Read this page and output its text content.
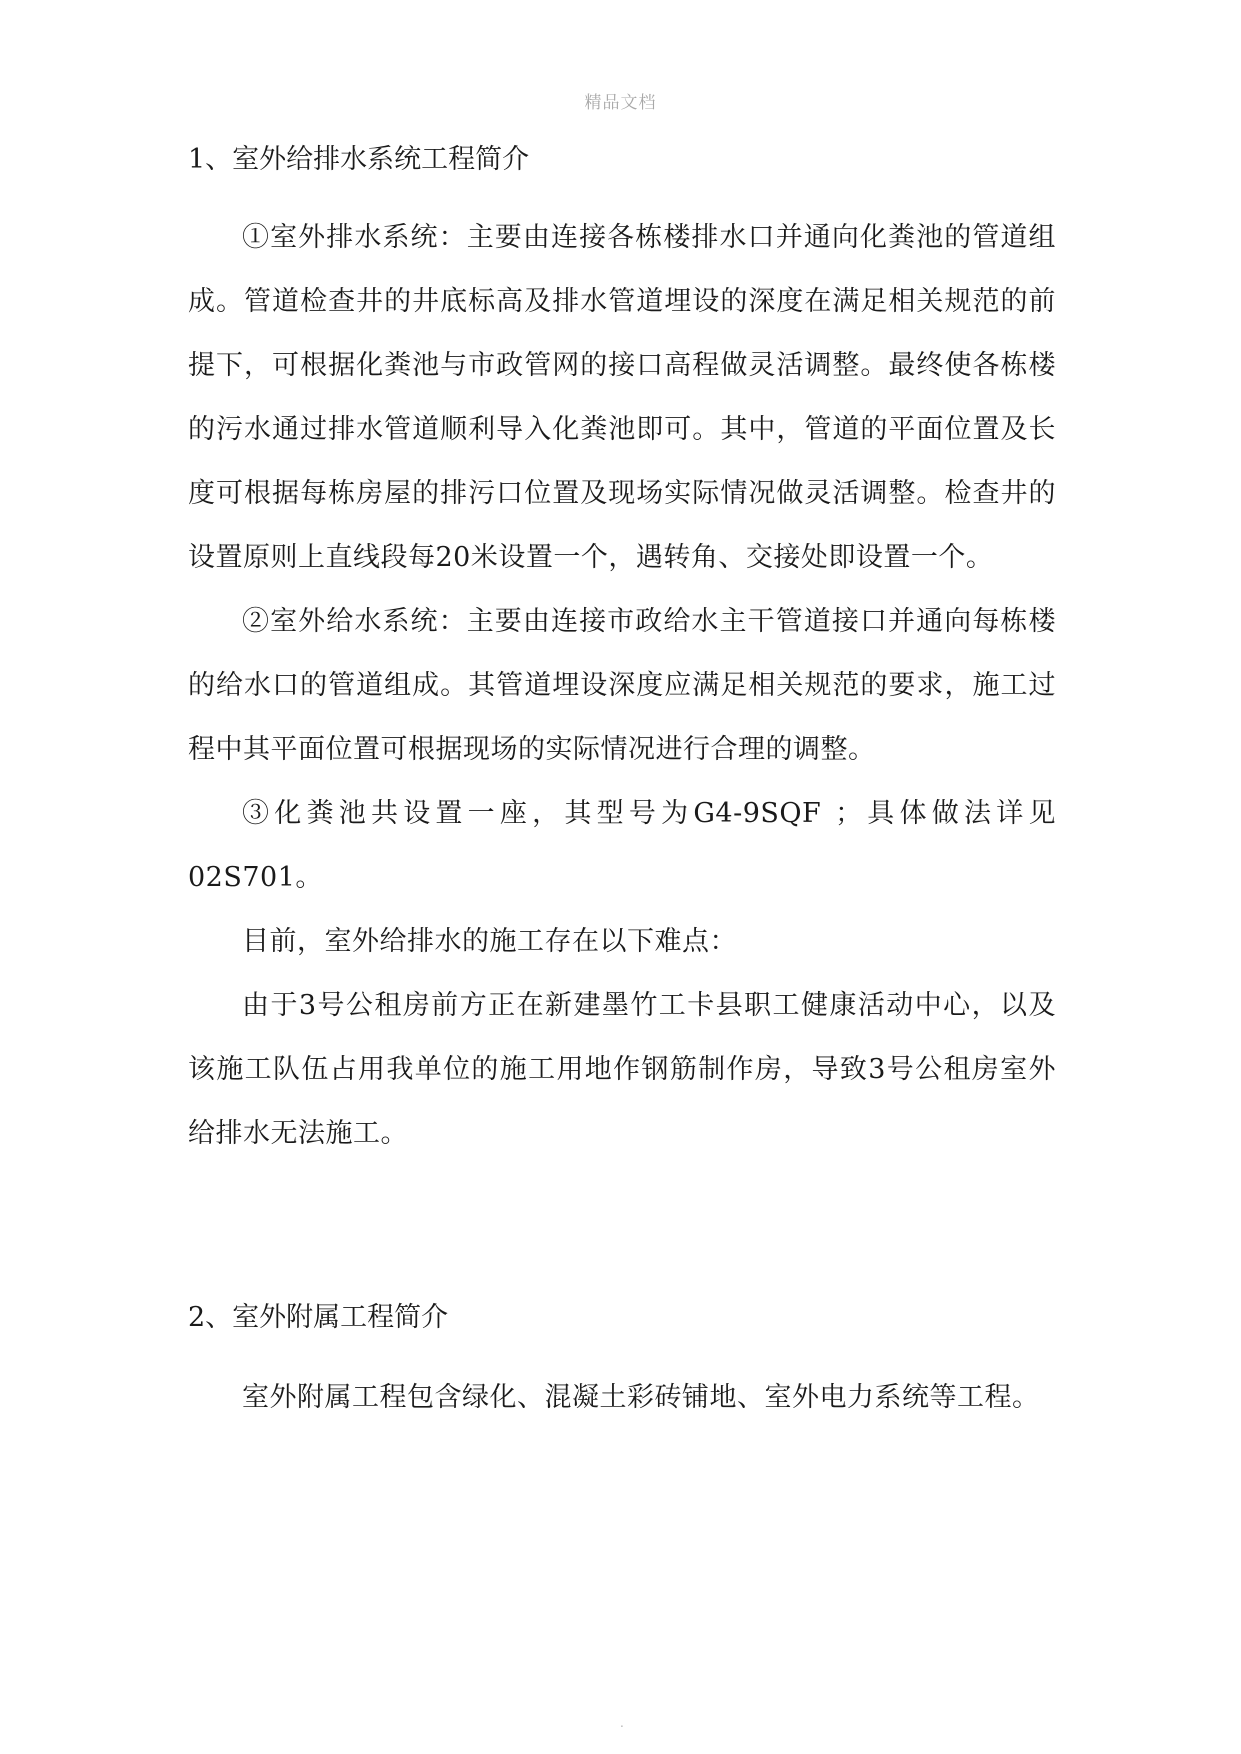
精品文档
1、室外给排水系统工程简介

①室外排水系统：主要由连接各栋楼排水口并通向化粪池的管道组成。管道检查井的井底标高及排水管道埋设的深度在满足相关规范的前提下，可根据化粪池与市政管网的接口高程做灵活调整。最终使各栋楼的污水通过排水管道顺利导入化粪池即可。其中，管道的平面位置及长度可根据每栋房屋的排污口位置及现场实际情况做灵活调整。检查井的设置原则上直线段每20米设置一个，遇转角、交接处即设置一个。

②室外给水系统：主要由连接市政给水主干管道接口并通向每栋楼的给水口的管道组成。其管道埋设深度应满足相关规范的要求，施工过程中其平面位置可根据现场的实际情况进行合理的调整。

③化粪池共设置一座，其型号为G4-9SQF ；具体做法详见02S701。

目前，室外给排水的施工存在以下难点：

由于3号公租房前方正在新建墨竹工卡县职工健康活动中心，以及该施工队伍占用我单位的施工用地作钢筋制作房，导致3号公租房室外给排水无法施工。

2、室外附属工程简介

室外附属工程包含绿化、混凝土彩砖铺地、室外电力系统等工程。

.
